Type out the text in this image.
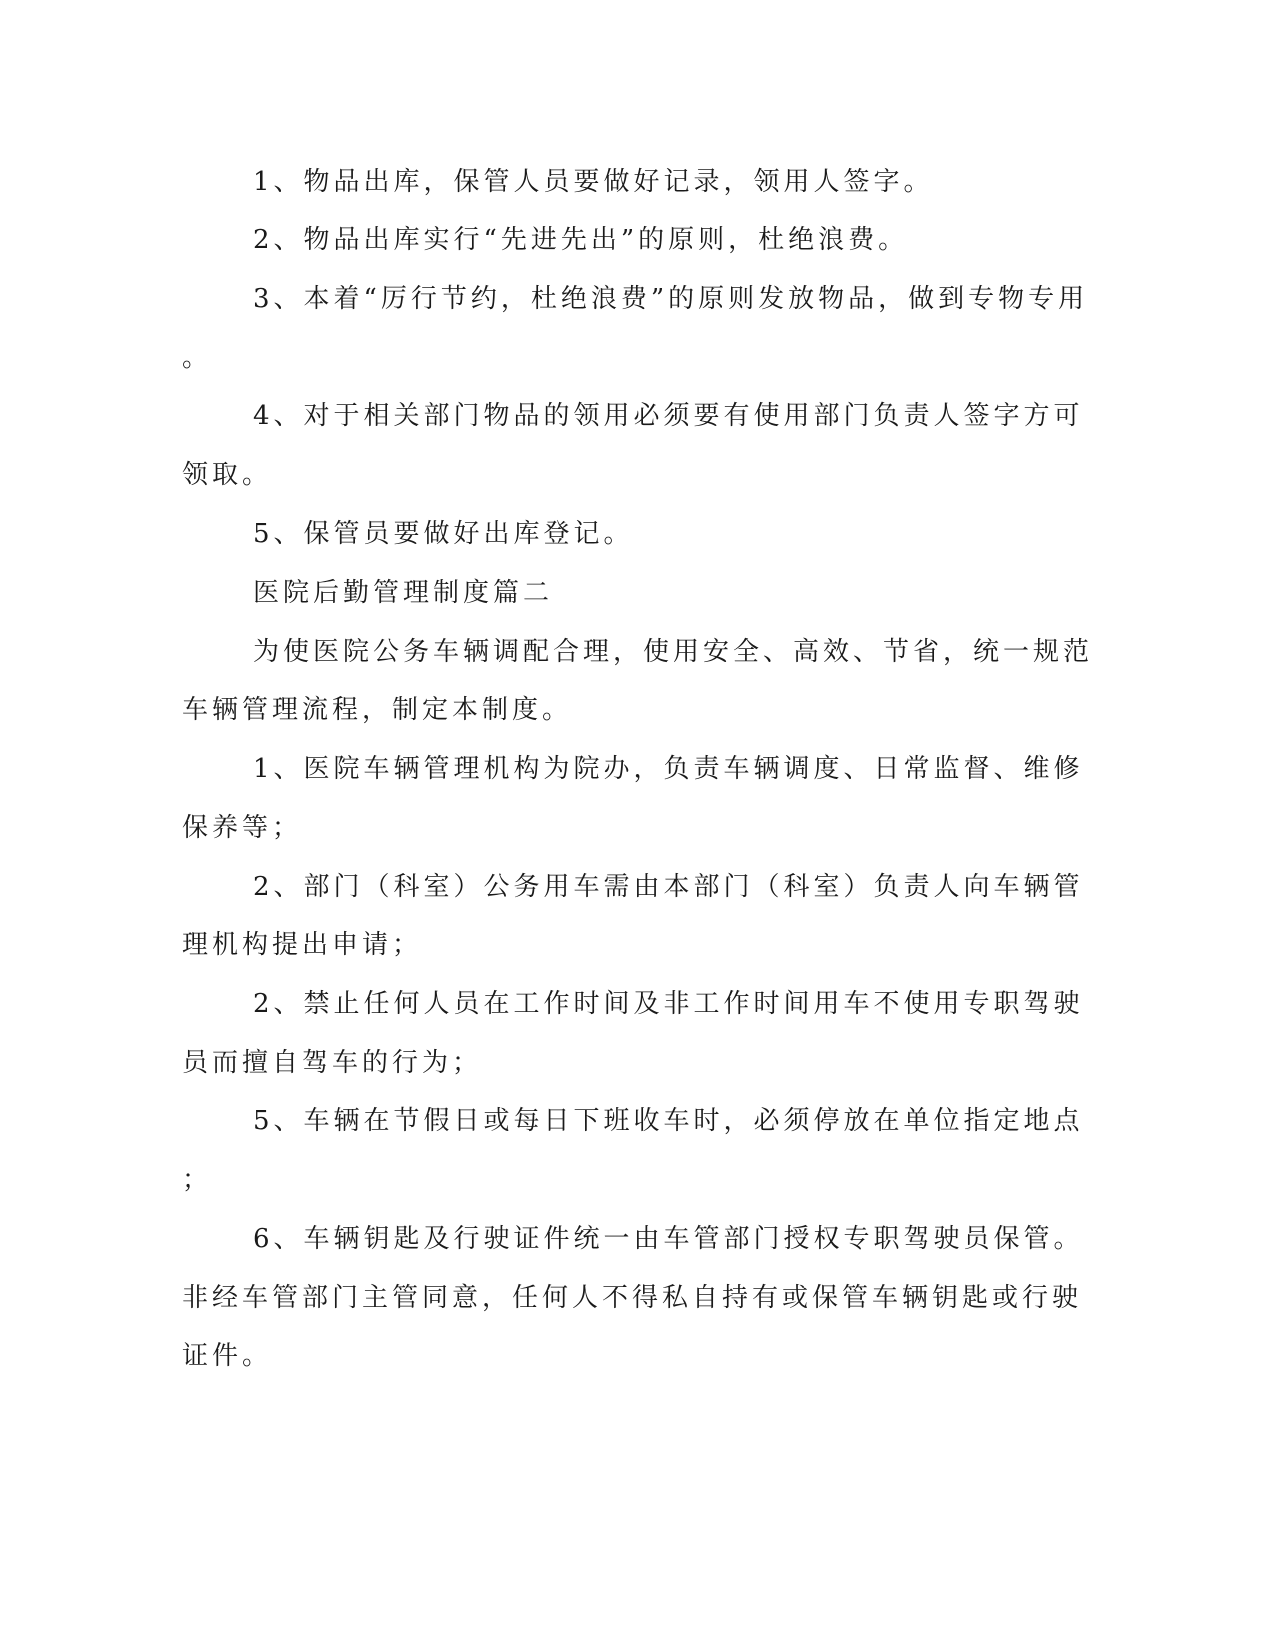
1、物品出库，保管人员要做好记录，领用人签字。
2、物品出库实行“先进先出”的原则，杜绝浪费。
3、本着“厉行节约，杜绝浪费”的原则发放物品，做到专物专用
。
4、对于相关部门物品的领用必须要有使用部门负责人签字方可
领取。
5、保管员要做好出库登记。
医院后勤管理制度篇二
为使医院公务车辆调配合理，使用安全、高效、节省，统一规范
车辆管理流程，制定本制度。
1、医院车辆管理机构为院办，负责车辆调度、日常监督、维修
保养等；
2、部门（科室）公务用车需由本部门（科室）负责人向车辆管
理机构提出申请；
2、禁止任何人员在工作时间及非工作时间用车不使用专职驾驶
员而擅自驾车的行为；
5、车辆在节假日或每日下班收车时，必须停放在单位指定地点
；
6、车辆钥匙及行驶证件统一由车管部门授权专职驾驶员保管。
非经车管部门主管同意，任何人不得私自持有或保管车辆钥匙或行驶
证件。
